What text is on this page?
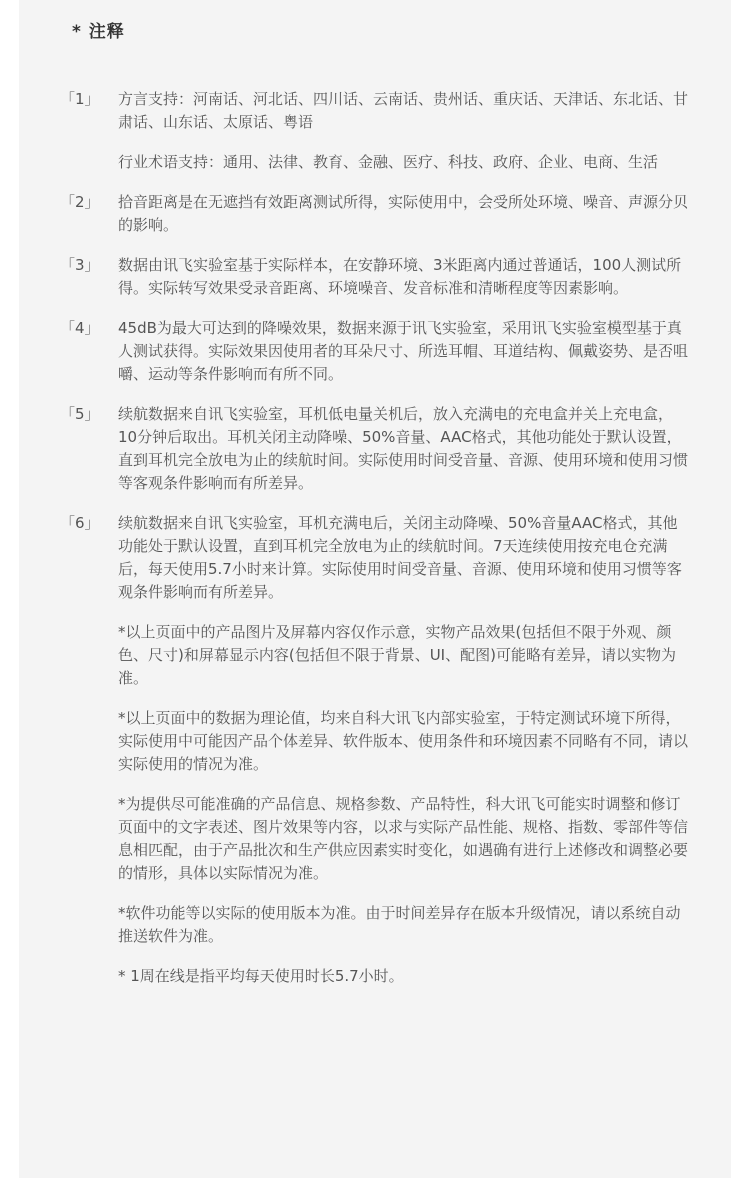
* 注释
「1」	方言支持：河南话、河北话、四川话、云南话、贵州话、重庆话、天津话、东北话、甘肃话、山东话、太原话、粤语

行业术语支持：通用、法律、教育、金融、医疗、科技、政府、企业、电商、生活

「2」	拾音距离是在无遮挡有效距离测试所得，实际使用中，会受所处环境、噪音、声源分贝的影响。

「3」	数据由讯飞实验室基于实际样本，在安静环境、3米距离内通过普通话，100人测试所得。实际转写效果受录音距离、环境噪音、发音标准和清晰程度等因素影响。

「4」	45dB为最大可达到的降噪效果，数据来源于讯飞实验室，采用讯飞实验室模型基于真人测试获得。实际效果因使用者的耳朵尺寸、所选耳帽、耳道结构、佩戴姿势、是否咀嚼、运动等条件影响而有所不同。

「5」	续航数据来自讯飞实验室，耳机低电量关机后，放入充满电的充电盒并关上充电盒，10分钟后取出。耳机关闭主动降噪、50%音量、AAC格式，其他功能处于默认设置，直到耳机完全放电为止的续航时间。实际使用时间受音量、音源、使用环境和使用习惯等客观条件影响而有所差异。

「6」	续航数据来自讯飞实验室，耳机充满电后，关闭主动降噪、50%音量AAC格式，其他功能处于默认设置，直到耳机完全放电为止的续航时间。7天连续使用按充电仓充满后，每天使用5.7小时来计算。实际使用时间受音量、音源、使用环境和使用习惯等客观条件影响而有所差异。

*以上页面中的产品图片及屏幕内容仅作示意，实物产品效果(包括但不限于外观、颜色、尺寸)和屏幕显示内容(包括但不限于背景、UI、配图)可能略有差异，请以实物为准。

*以上页面中的数据为理论值，均来自科大讯飞内部实验室，于特定测试环境下所得，实际使用中可能因产品个体差异、软件版本、使用条件和环境因素不同略有不同，请以实际使用的情况为准。

*为提供尽可能准确的产品信息、规格参数、产品特性，科大讯飞可能实时调整和修订页面中的文字表述、图片效果等内容，以求与实际产品性能、规格、指数、零部件等信息相匹配，由于产品批次和生产供应因素实时变化，如遇确有进行上述修改和调整必要的情形，具体以实际情况为准。

*软件功能等以实际的使用版本为准。由于时间差异存在版本升级情况，请以系统自动推送软件为准。

* 1周在线是指平均每天使用时长5.7小时。
